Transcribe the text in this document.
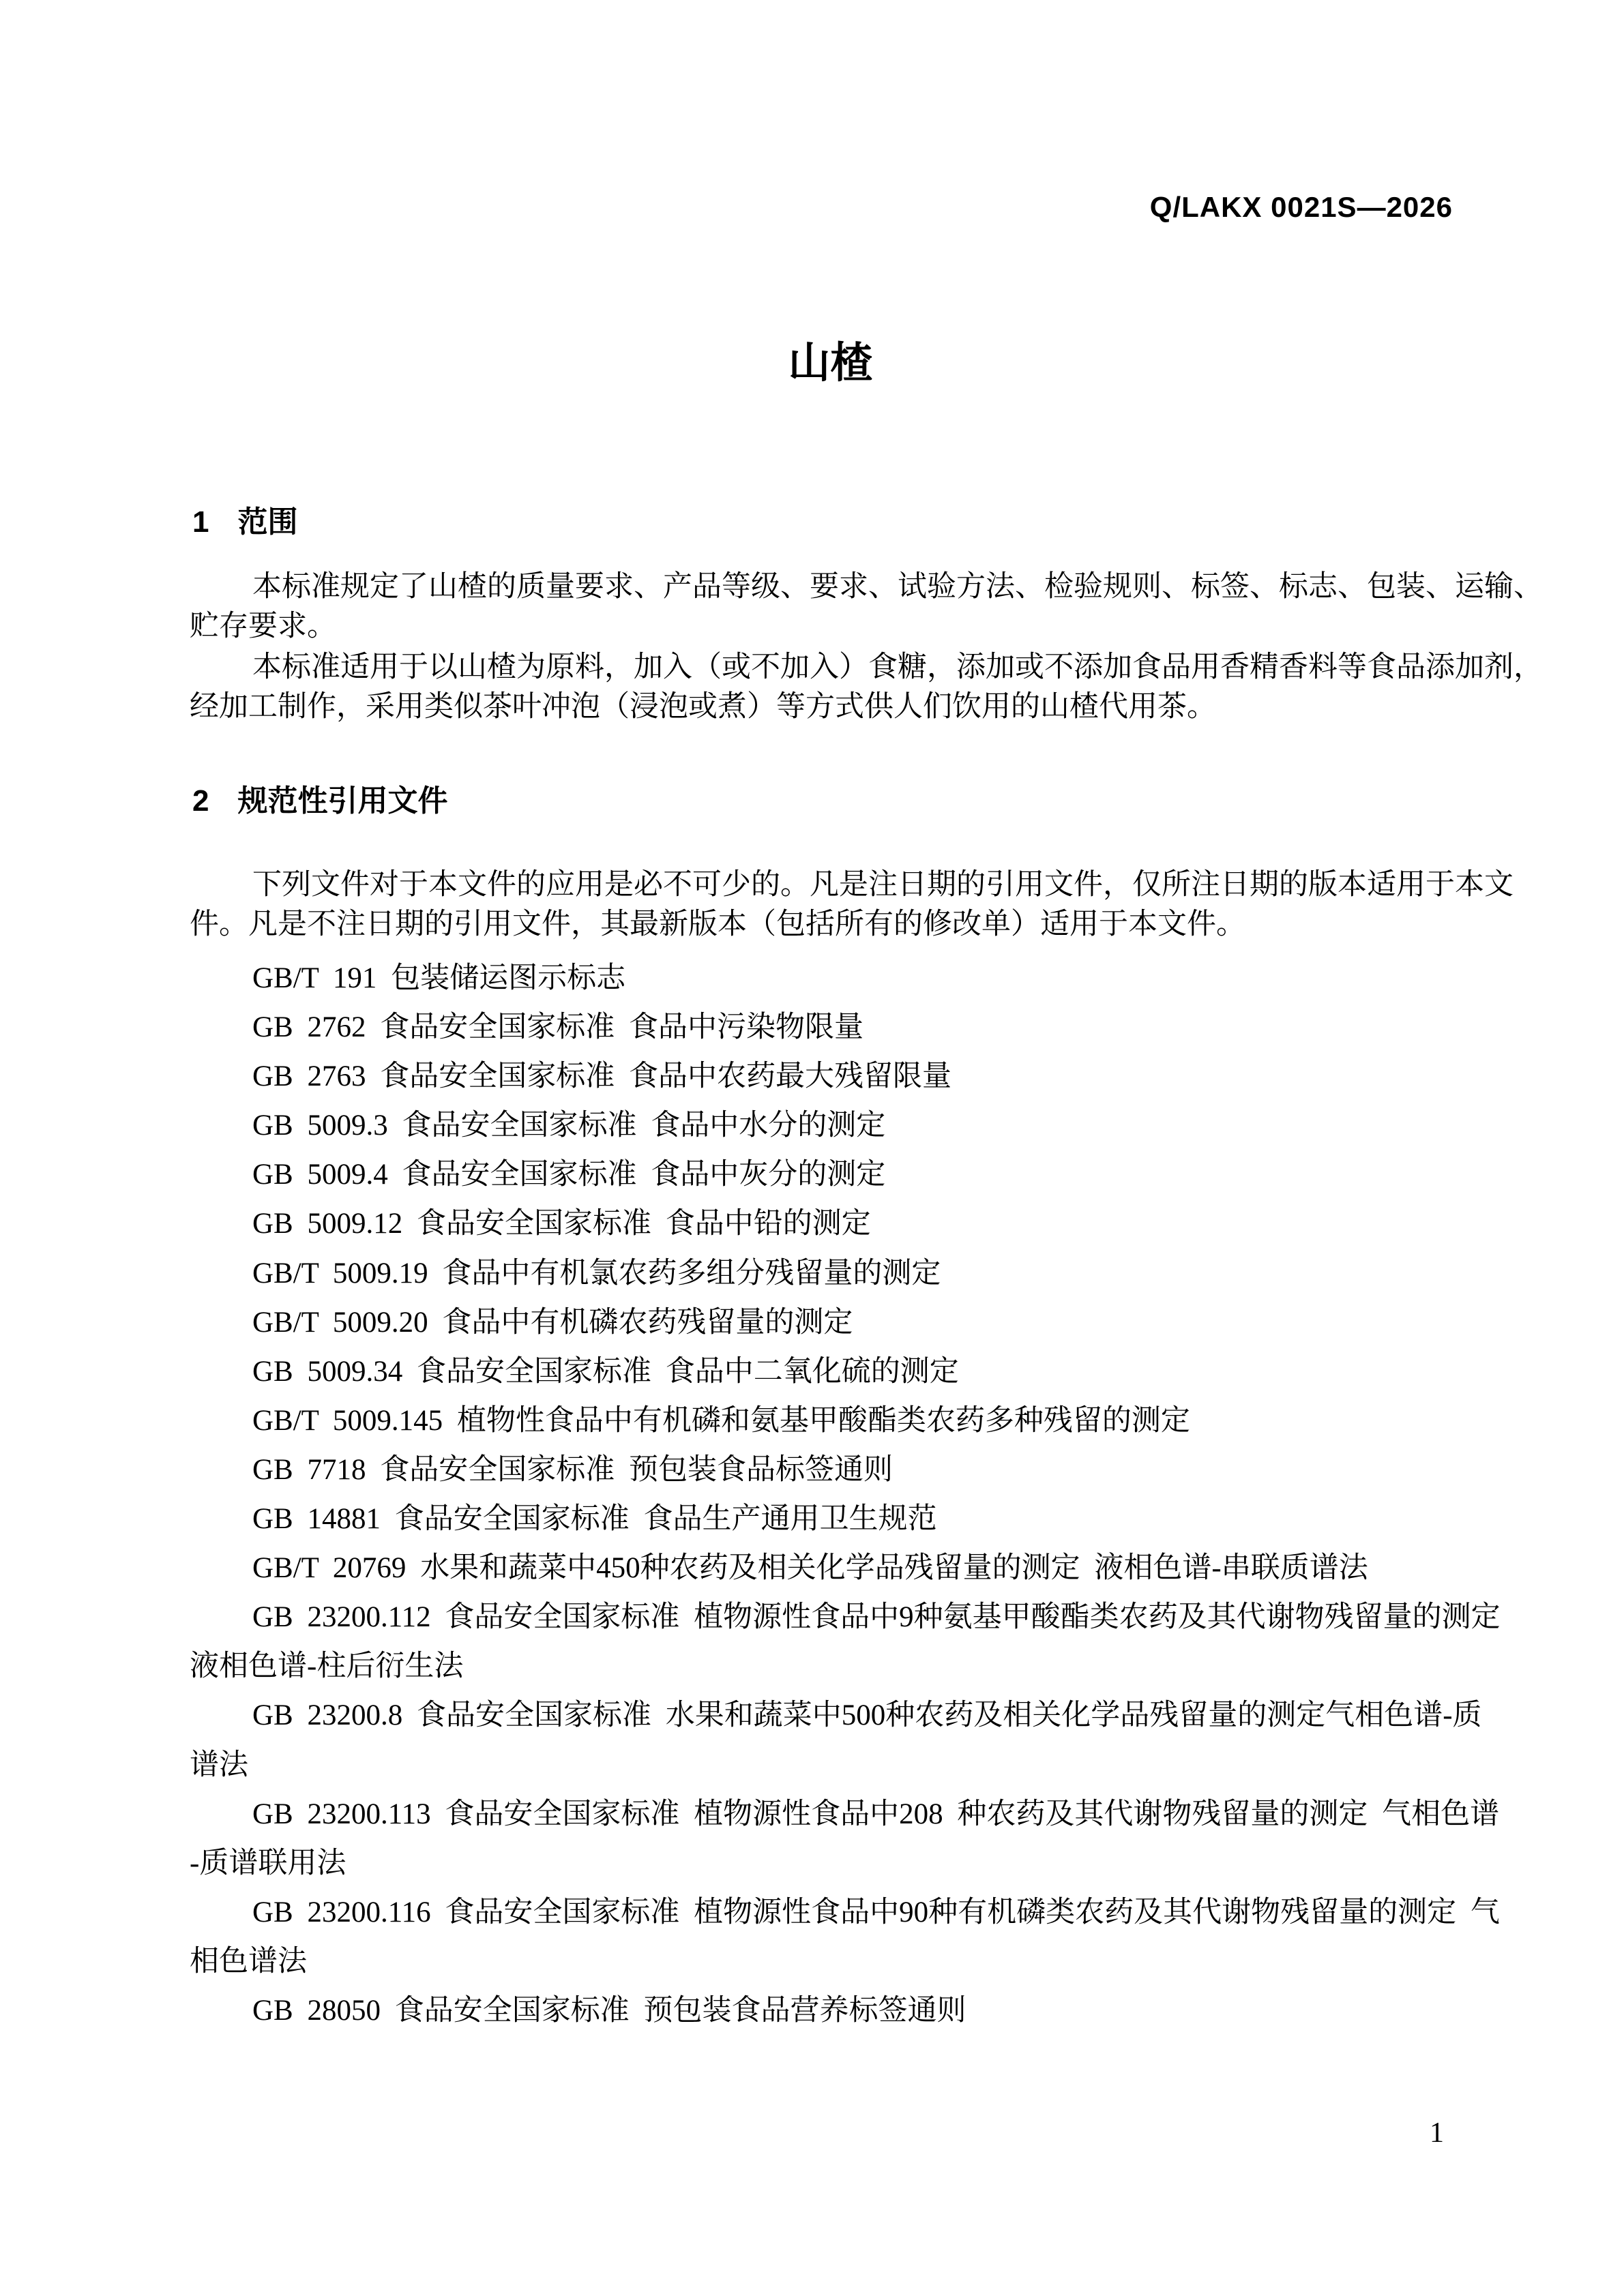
Q/LAKX 0021S—2026
山楂
1 范围
本标准规定了山楂的质量要求、产品等级、要求、试验方法、检验规则、标签、标志、包装、运输、
贮存要求。
本标准适用于以山楂为原料，加入（或不加入）食糖，添加或不添加食品用香精香料等食品添加剂，
经加工制作，采用类似茶叶冲泡（浸泡或煮）等方式供人们饮用的山楂代用茶。
2 规范性引用文件
下列文件对于本文件的应用是必不可少的。凡是注日期的引用文件，仅所注日期的版本适用于本文
件。凡是不注日期的引用文件，其最新版本（包括所有的修改单）适用于本文件。
GB/T 191 包装储运图示标志
GB 2762 食品安全国家标准 食品中污染物限量
GB 2763 食品安全国家标准 食品中农药最大残留限量
GB 5009.3 食品安全国家标准 食品中水分的测定
GB 5009.4 食品安全国家标准 食品中灰分的测定
GB 5009.12 食品安全国家标准 食品中铅的测定
GB/T 5009.19 食品中有机氯农药多组分残留量的测定
GB/T 5009.20 食品中有机磷农药残留量的测定
GB 5009.34 食品安全国家标准 食品中二氧化硫的测定
GB/T 5009.145 植物性食品中有机磷和氨基甲酸酯类农药多种残留的测定
GB 7718 食品安全国家标准 预包装食品标签通则
GB 14881 食品安全国家标准 食品生产通用卫生规范
GB/T 20769 水果和蔬菜中450种农药及相关化学品残留量的测定 液相色谱-串联质谱法
GB 23200.112 食品安全国家标准 植物源性食品中9种氨基甲酸酯类农药及其代谢物残留量的测定
液相色谱-柱后衍生法
GB 23200.8 食品安全国家标准 水果和蔬菜中500种农药及相关化学品残留量的测定气相色谱-质
谱法
GB 23200.113 食品安全国家标准 植物源性食品中208 种农药及其代谢物残留量的测定 气相色谱
-质谱联用法
GB 23200.116 食品安全国家标准 植物源性食品中90种有机磷类农药及其代谢物残留量的测定 气
相色谱法
GB 28050 食品安全国家标准 预包装食品营养标签通则
1
